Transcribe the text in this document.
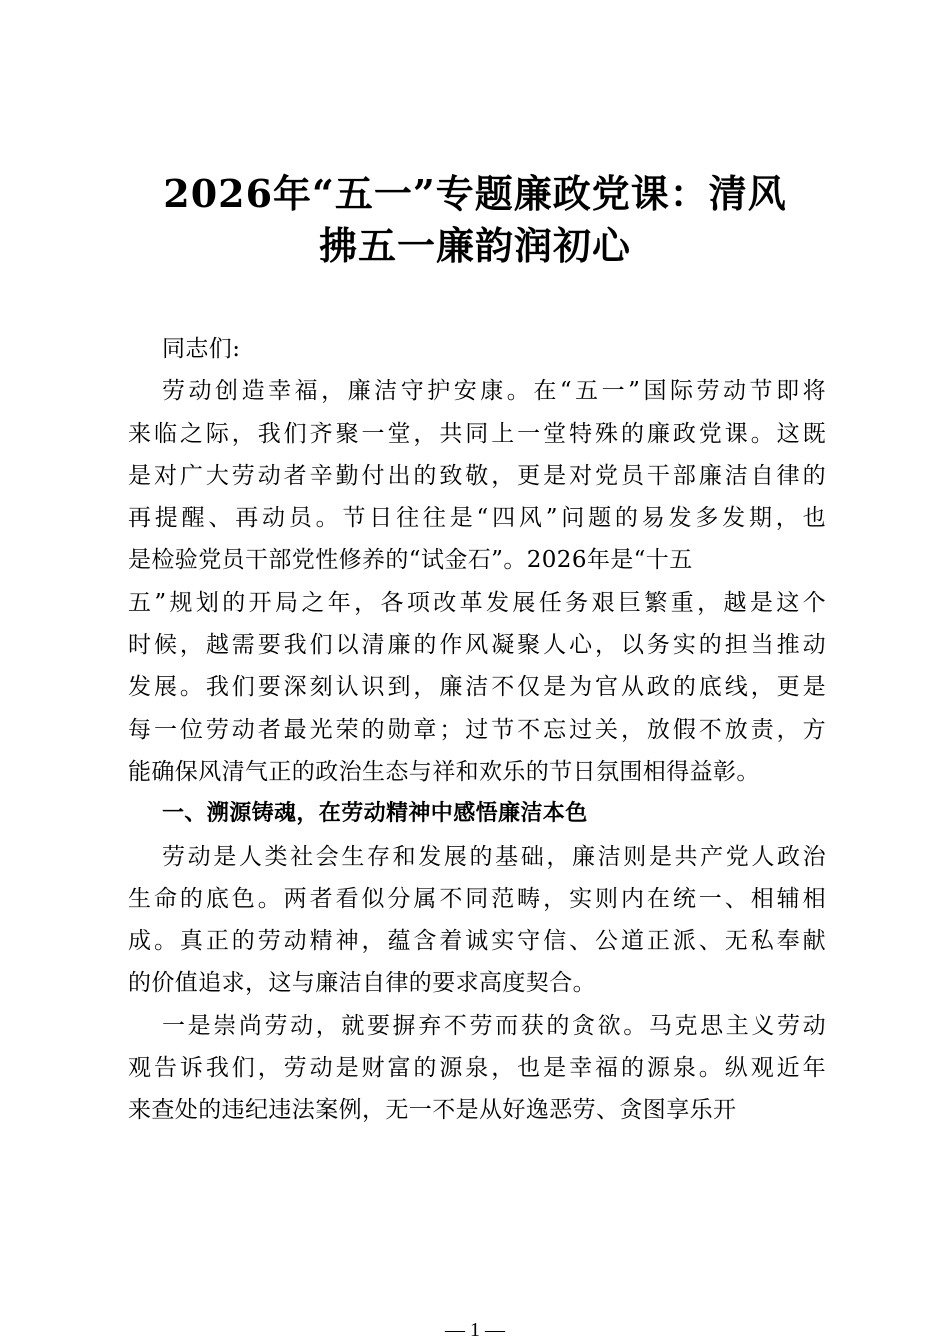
2026年“五一”专题廉政党课：清风
拂五一廉韵润初心
同志们:
劳动创造幸福，廉洁守护安康。在“五一”国际劳动节即将
来临之际，我们齐聚一堂，共同上一堂特殊的廉政党课。这既
是对广大劳动者辛勤付出的致敬，更是对党员干部廉洁自律的
再提醒、再动员。节日往往是“四风”问题的易发多发期，也
是检验党员干部党性修养的“试金石”。2026年是“十五
五”规划的开局之年，各项改革发展任务艰巨繁重，越是这个
时候，越需要我们以清廉的作风凝聚人心，以务实的担当推动
发展。我们要深刻认识到，廉洁不仅是为官从政的底线，更是
每一位劳动者最光荣的勋章；过节不忘过关，放假不放责，方
能确保风清气正的政治生态与祥和欢乐的节日氛围相得益彰。
一、溯源铸魂，在劳动精神中感悟廉洁本色
劳动是人类社会生存和发展的基础，廉洁则是共产党人政治
生命的底色。两者看似分属不同范畴，实则内在统一、相辅相
成。真正的劳动精神，蕴含着诚实守信、公道正派、无私奉献
的价值追求，这与廉洁自律的要求高度契合。
一是崇尚劳动，就要摒弃不劳而获的贪欲。马克思主义劳动
观告诉我们，劳动是财富的源泉，也是幸福的源泉。纵观近年
来查处的违纪违法案例，无一不是从好逸恶劳、贪图享乐开
— 1 —
